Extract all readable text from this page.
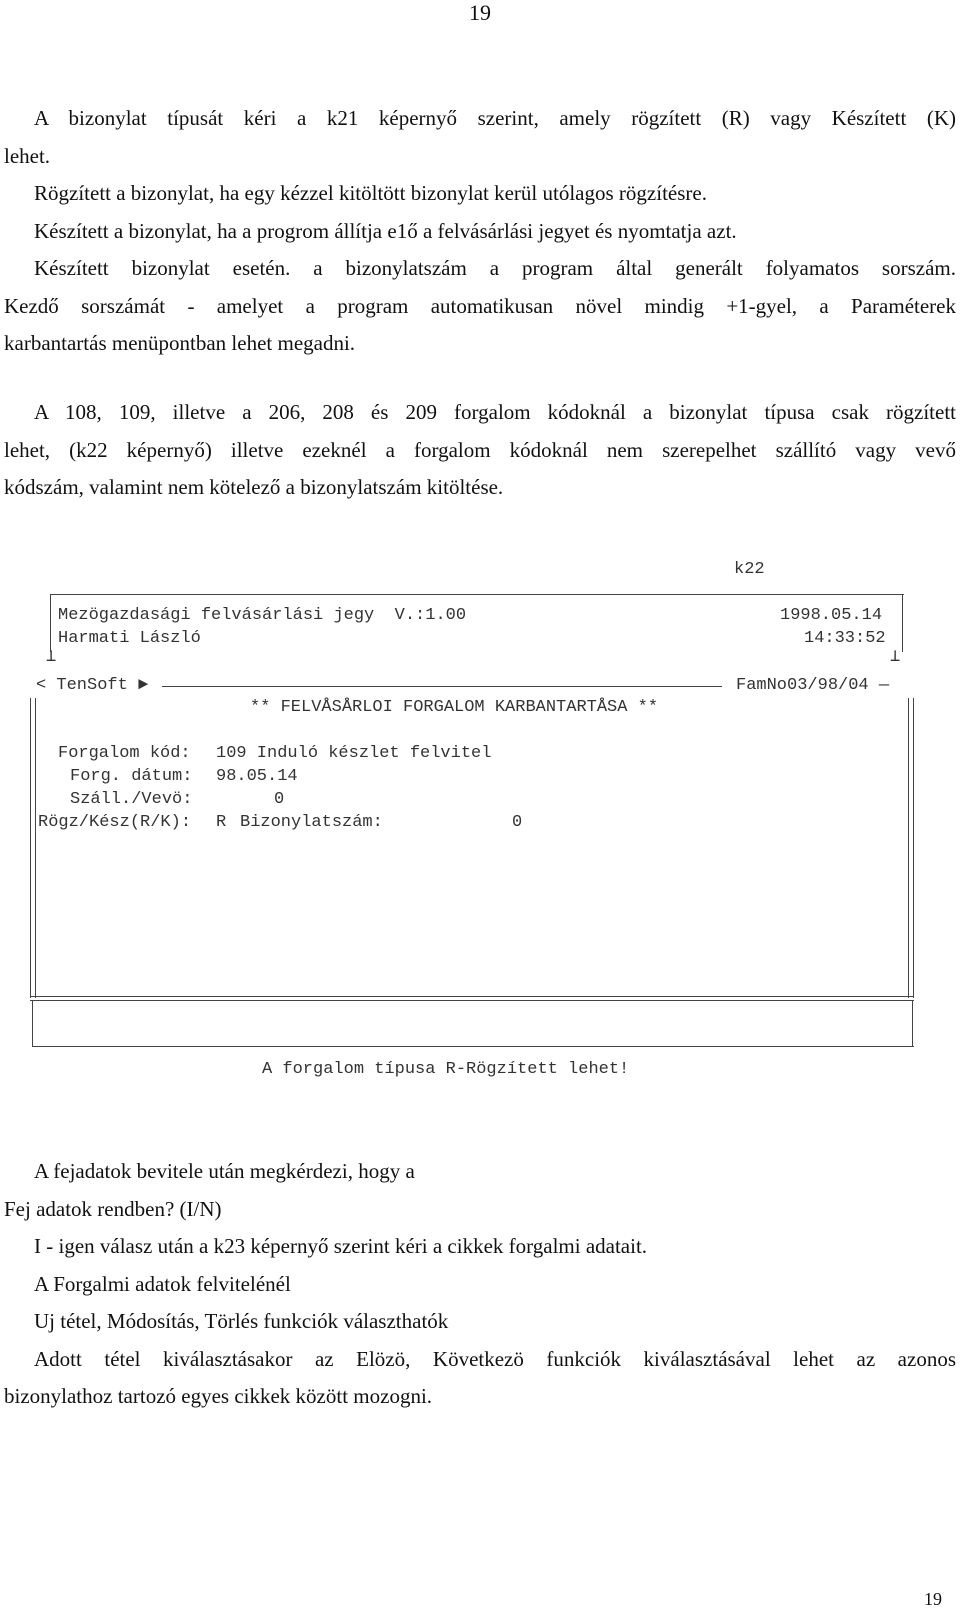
19
A bizonylat típusát kéri a k21 képernyő szerint, amely rögzített (R) vagy Készített (K)
lehet.
Rögzített a bizonylat, ha egy kézzel kitöltött bizonylat kerül utólagos rögzítésre.
Készített a bizonylat, ha a progrom állítja e1ő a felvásárlási jegyet és nyomtatja azt.
Készített bizonylat esetén. a bizonylatszám a program által generált folyamatos sorszám.
Kezdő sorszámát - amelyet a program automatikusan növel mindig +1-gyel, a Paraméterek
karbantartás menüpontban lehet megadni.
A 108, 109, illetve a 206, 208 és 209 forgalom kódoknál a bizonylat típusa csak rögzített
lehet, (k22 képernyő) illetve ezeknél a forgalom kódoknál nem szerepelhet szállító vagy vevő
kódszám, valamint nem kötelező a bizonylatszám kitöltése.
k22
Mezögazdasági felvásárlási jegy  V.:1.00
Harmati László
1998.05.14
14:33:52
⊥	⊥
< TenSoft ►	FamNo03/98/04 —
** FELVÅSÅRLOI FORGALOM KARBANTARTÅSA **
Forgalom kód: 109 Induló készlet felvitel
Forg. dátum: 98.05.14
Száll./Vevö:	0
Rögz/Kész(R/K): R Bizonylatszám:	0
A forgalom típusa R-Rögzített lehet!
A fejadatok bevitele után megkérdezi, hogy a
Fej adatok rendben? (I/N)
I - igen válasz után a k23 képernyő szerint kéri a cikkek forgalmi adatait.
A Forgalmi adatok felvitelénél
Uj tétel, Módosítás, Törlés funkciók választhatók
Adott tétel kiválasztásakor az Elözö, Következö funkciók kiválasztásával lehet az azonos
bizonylathoz tartozó egyes cikkek között mozogni.
19
